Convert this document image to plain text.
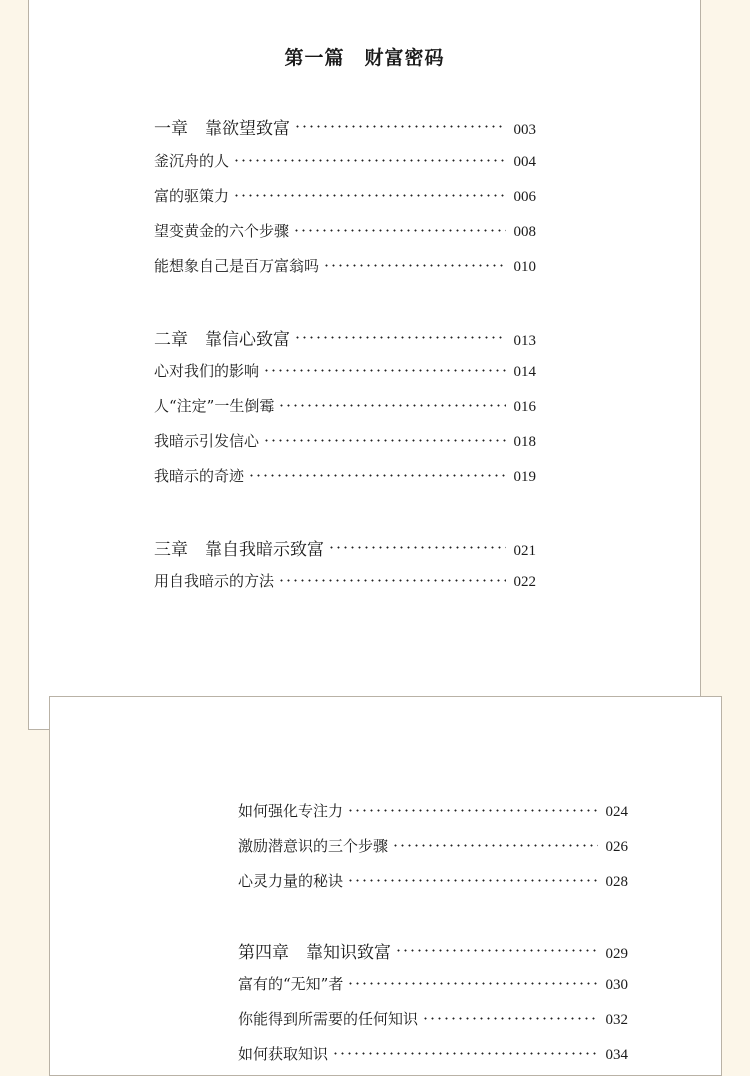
第一篇　财富密码
一章　靠欲望致富	003
釜沉舟的人	004
富的驱策力	006
望变黄金的六个步骤	008
能想象自己是百万富翁吗	010
二章　靠信心致富	013
心对我们的影响	014
人“注定”一生倒霉	016
我暗示引发信心	018
我暗示的奇迹	019
三章　靠自我暗示致富	021
用自我暗示的方法	022
如何强化专注力	024
激励潜意识的三个步骤	026
心灵力量的秘诀	028
第四章　靠知识致富	029
富有的“无知”者	030
你能得到所需要的任何知识	032
如何获取知识	034
